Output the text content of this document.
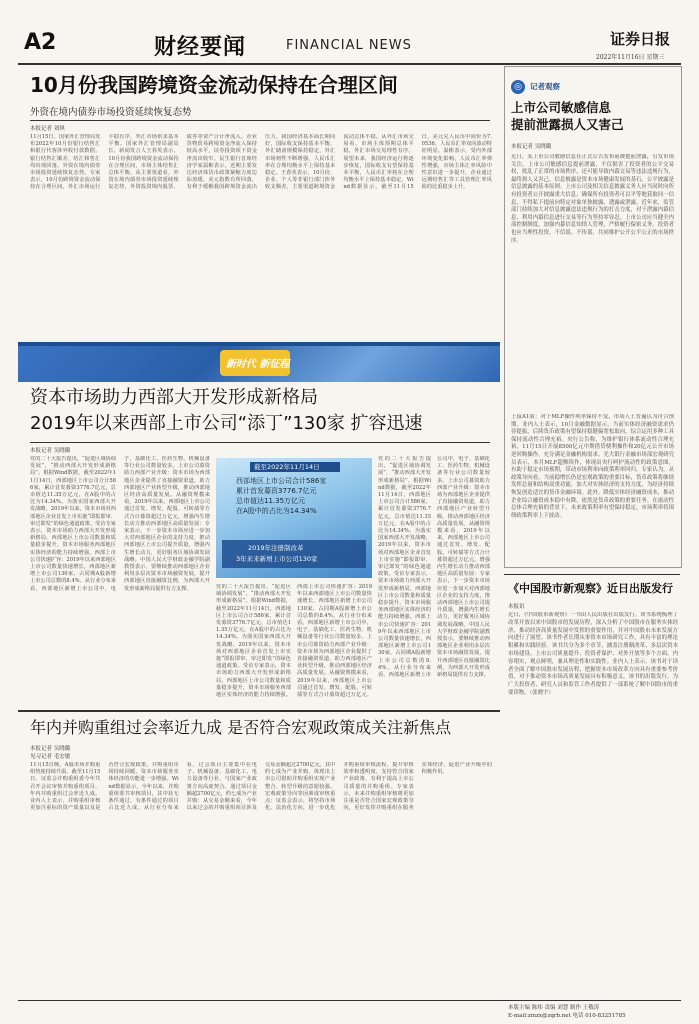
A2	财经要闻	FINANCIAL NEWS	证券日报
2022年11月16日 星期三
10月份我国跨境资金流动保持在合理区间
外资在境内债券市场投资延续恢复态势
本报记者 刘琪
11月15日，国家外汇管理局发布2022年10月份银行结售汇和银行代客涉外收付款数据。银行结售汇顺差，结汇和售汇均出现回落。外资在境内债券市场投资延续恢复态势。专家表示，10月份跨境资金流动保持在合理区间，外汇市场运行平稳有序，外汇市场供求基本平衡。国家外汇管理局副局长、新闻发言人王春英表示，10月份我国跨境资金流动保持在合理区间，市场主体结售汇总体平衡。从主要渠道看，外资在境内债券市场投资延续恢复态势，外资投资境内股票、债券等资产合计净流入。企业货物贸易跨境资金净流入保持较高水平，证券投资项下资金净流出收窄。民生银行首席经济学家温彬表示，近期主要发达经济体货币政策紧缩力度边际放缓，美元指数有所回落，有利于缓解我国跨境资金流出压力。我国经济基本面长期向好，国际收支保持基本平衡，外汇储备规模保持稳定，外汇市场韧性不断增强，人民币汇率在合理均衡水平上保持基本稳定。王春英表示，10月份，企业、个人等非银行部门涉外收支顺差，主要渠道跨境资金流动总体平稳。从外汇市场交易看，市场主体预期总体平稳，外汇市场交易理性有序。展望未来，我国经济运行将逐步恢复，国际收支有望保持基本平衡，人民币汇率将在合理均衡水平上保持基本稳定。Wind数据显示，截至11月15日，美元兑人民币中间价为7.0536，人民币汇率双向波动特征明显。温彬表示，受内外部环境变化影响，人民币汇率弹性增强，市场主体汇率风险中性意识进一步提升，企业通过远期结售汇等工具管理汇率风险的比重稳步上升。
◎	记者观察
上市公司敏感信息
提前泄露损人又害己
本报记者 吴晓璐
近日，某上市公司敏感信息在正式公告发布前被提前泄露，引发市场关注。上市公司敏感信息提前泄露，不仅损害了投资者的公平交易权，扰乱了正常的市场秩序，还可能导致内幕交易等违法违规行为，最终损人又害己。信息披露是资本市场健康发展的基石，公平披露是信息披露的基本原则。上市公司及相关信息披露义务人应当同时向所有投资者公开披露重大信息，确保所有投资者可以平等地获取同一信息，不得私下提前向特定对象单独披露、透露或泄露。近年来，监管部门持续加大对信息披露违法违规行为的打击力度，对于泄露内幕信息、利用内幕信息进行交易等行为坚持零容忍。上市公司应当健全内部控制制度，加强内幕信息知情人管理，严格履行保密义务。投资者也应当理性投资，不信谣、不传谣，共同维护公开公平公正的市场秩序。
上接A1版：对于MLF操作利率保持不变，市场人士普遍认为符合预期。业内人士表示，10月金融数据显示，当前实体经济融资需求仍待提振，后续货币政策有望保持稳健偏宽松取向，综合运用多种工具保持流动性合理充裕。央行公告称，为维护银行体系流动性合理充裕，11月15日开展8500亿元中期借贷便利操作和20亿元公开市场逆回购操作，充分满足金融机构需求。光大银行金融市场部宏观研究员表示，本月MLF超额续作，体现出央行呵护流动性的政策意图，有助于稳定市场预期，带动市场利率向政策利率回归。专家认为，从政策导向看，当前稳增长仍是宏观政策的重要目标，货币政策将继续发挥总量和结构双重功能，加大对实体经济的支持力度，为经济持续恢复创造适宜的货币金融环境。此外，降低实体经济融资成本，推动企业综合融资成本稳中有降，依然是货币政策的重要任务。在流动性总体合理充裕的背景下，未来政策利率有望保持稳定，市场利率将围绕政策利率上下波动。
《中国股市新观察》近日出版发行
本报讯
近日，《中国股市新观察》一书由人民出版社出版发行。该书系统梳理了改革开放以来中国股市的发展历程，深入分析了中国股市在服务实体经济、推动经济高质量发展中发挥的重要作用，并对中国股市未来发展方向进行了展望。该书作者长期从事资本市场研究工作，具有丰富的理论积累和实践经验。该书共分为多个章节，涵盖注册制改革、多层次资本市场建设、上市公司质量提升、投资者保护、对外开放等多个方面，内容翔实，观点鲜明，兼具理论性和实践性。业内人士表示，该书对于读者全面了解中国股市发展历程、把握资本市场改革方向具有重要参考价值，对于推动资本市场高质量发展具有积极意义。该书的出版发行，为广大投资者、研究人员和监管工作者提供了一部系统了解中国股市的重要读物。（张晓宇）
新时代 新征程
资本市场助力西部大开发形成新格局
2019年以来西部上市公司“添丁”130家 扩容迅速
本报记者 吴晓璐
党的二十大报告提出，“促进区域协调发展”，“推动西部大开发形成新格局”。根据Wind数据，截至2022年11月14日，西部地区上市公司合计586家，累计首发募资3776.7亿元，总市值达11.35万亿元，在A股中的占比为14.34%。为落实国家西部大开发战略，2019年以来，资本市场对西部地区企业首发上市实施“即报即审、审过即发”的绿色通道政策。受访专家表示，资本市场助力西部大开发形成新格局，西部地区上市公司数量和质量稳步提升，资本市场服务西部地区实体经济的能力持续增强。西部上市公司快速扩容：2019年以来西部地区上市公司数量快速增长，西部地区新增上市公司130家，占同期A股新增上市公司总数的8.4%。从行业分布来看，西部地区新增上市公司中，电子、基础化工、医药生物、机械设备等行业公司数量较多。上市公司募资助力西部产业升级：资本市场为西部地区企业提供了直接融资渠道，助力西部地区产业转型升级，推动西部地区经济高质量发展。从融资规模来看，2019年以来，西部地区上市公司通过首发、增发、配股、可转债等方式合计募资超过万亿元。增强内生增长动力推动西部地区高质量发展：专家表示，下一步资本市场应进一步加大对西部地区企业的支持力度，推动西部地区上市公司提升质量，增强内生增长动力，更好服务区域协调发展战略。中国人民大学财政金融学院副教授表示，要继续推动西部地区企业利用多层次资本市场融资发展，提升西部地区直接融资比例，为西部大开发形成新格局提供有力支撑。
截至2022年11月14日
西部地区上市公司合计586家
累计首发募资3776.7亿元
总市值达11.35万亿元
在A股中的占比为14.34%
2019年注册制改革
3年来来新增上市公司130家
党的二十大报告提出，“促进区域协调发展”，“推动西部大开发形成新格局”。根据Wind数据，截至2022年11月14日，西部地区上市公司合计586家，累计首发募资3776.7亿元，总市值达11.35万亿元，在A股中的占比为14.34%。为落实国家西部大开发战略，2019年以来，资本市场对西部地区企业首发上市实施“即报即审、审过即发”的绿色通道政策。受访专家表示，资本市场助力西部大开发形成新格局，西部地区上市公司数量和质量稳步提升，资本市场服务西部地区实体经济的能力持续增强。西部上市公司快速扩容：2019年以来西部地区上市公司数量快速增长，西部地区新增上市公司130家，占同期A股新增上市公司总数的8.4%。从行业分布来看，西部地区新增上市公司中，电子、基础化工、医药生物、机械设备等行业公司数量较多。上市公司募资助力西部产业升级：资本市场为西部地区企业提供了直接融资渠道，助力西部地区产业转型升级，推动西部地区经济高质量发展。从融资规模来看，2019年以来，西部地区上市公司通过首发、增发、配股、可转债等方式合计募资超过万亿元。增强内生增长动力推动西部地区高质量发展：专家表示，下一步资本市场应进一步加大对西部地区企业的支持力度，推动西部地区上市公司提升质量，增强内生增长动力，更好服务区域协调发展战略。中国人民大学财政金融学院副教授表示，要继续推动西部地区企业利用多层次资本市场融资发展，提升西部地区直接融资比例，为西部大开发形成新格局提供有力支撑。
党的二十大报告提出，“促进区域协调发展”，“推动西部大开发形成新格局”。根据Wind数据，截至2022年11月14日，西部地区上市公司合计586家，累计首发募资3776.7亿元，总市值达11.35万亿元，在A股中的占比为14.34%。为落实国家西部大开发战略，2019年以来，资本市场对西部地区企业首发上市实施“即报即审、审过即发”的绿色通道政策。受访专家表示，资本市场助力西部大开发形成新格局，西部地区上市公司数量和质量稳步提升，资本市场服务西部地区实体经济的能力持续增强。西部上市公司快速扩容：2019年以来西部地区上市公司数量快速增长，西部地区新增上市公司130家，占同期A股新增上市公司总数的8.4%。从行业分布来看，西部地区新增上市公司中，电子、基础化工、医药生物、机械设备等行业公司数量较多。上市公司募资助力西部产业升级：资本市场为西部地区企业提供了直接融资渠道，助力西部地区产业转型升级，推动西部地区经济高质量发展。从融资规模来看，2019年以来，西部地区上市公司通过首发、增发、配股、可转债等方式合计募资超过万亿元。
年内并购重组过会率近九成 是否符合宏观政策成关注新焦点
本报记者 吴晓璐
见习记者 毛宏敏
11月15日晚，A股市场并购重组热度持续升温。截至11月15日，证监会并购重组委今年共召开会议审核并购重组项目，年内并购重组过会率近九成。业内人士表示，并购重组审核更加注重标的资产质量以及是否符合宏观政策，并购重组市场持续回暖，资本市场服务实体经济的功能进一步增强。Wind数据显示，今年以来，并购重组委共审核项目，其中获无条件通过、有条件通过的项目占比近九成。从行业分布来看，过会项目主要集中在电子、机械设备、基础化工、电力设备等行业，与国家产业政策方向高度契合。通过项目金额超2700亿元，约七成为产业并购：从交易金额来看，今年以来过会的并购重组项目涉及交易金额超过2700亿元，其中约七成为产业并购，体现出上市公司借助并购重组实现产业整合、转型升级的意愿较强。宏观政策导向等因素成审核重点：证监会表示，将坚持市场化、法治化方向，进一步优化并购重组审核流程，提升审核效率和透明度，支持符合国家产业政策、有利于提高上市公司质量的并购重组。专家表示，未来并购重组审核将更加注重是否符合国家宏观政策导向，更好发挥并购重组在服务实体经济、促进产业升级中的积极作用。
本版主编 陈炜 责编 刘慧 制作 王敬涛
E-mail:zmzx@zqrb.net 电话 010-83251785
